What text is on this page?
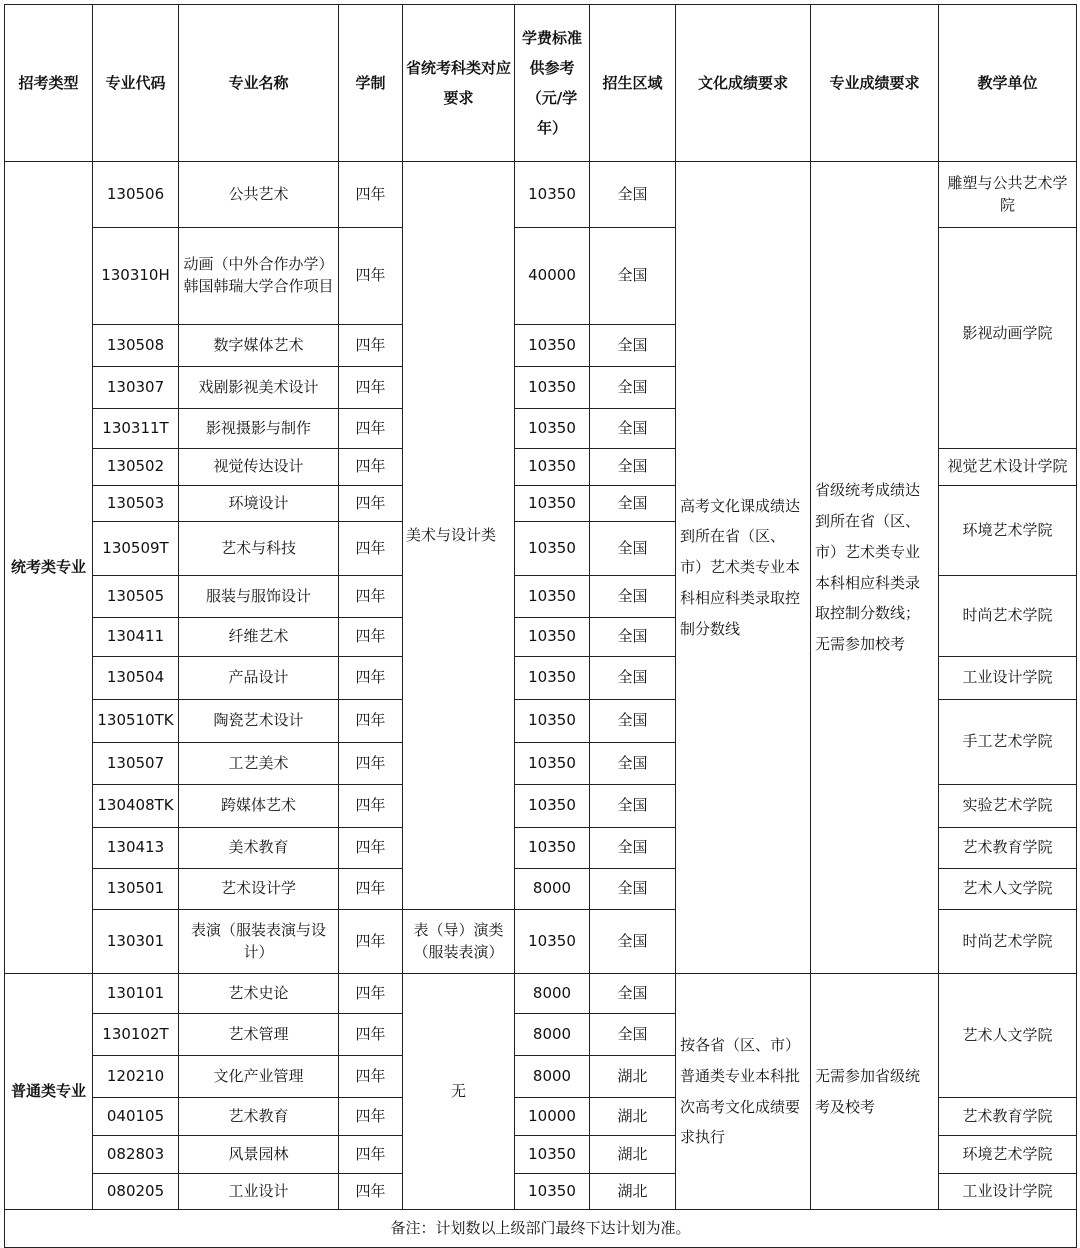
招考类型	专业代码	专业名称	学制	省统考科类对应要求	学费标准供参考（元/学年）	招生区域	文化成绩要求	专业成绩要求	教学单位
统考类专业	130506	公共艺术	四年	美术与设计类	10350	全国	高考文化课成绩达到所在省（区、市）艺术类专业本科相应科类录取控制分数线	省级统考成绩达到所在省（区、市）艺术类专业本科相应科类录取控制分数线；无需参加校考	雕塑与公共艺术学院
	130310H	动画（中外合作办学）韩国韩瑞大学合作项目	四年		40000	全国			影视动画学院
	130508	数字媒体艺术	四年		10350	全国			
	130307	戏剧影视美术设计	四年		10350	全国			
	130311T	影视摄影与制作	四年		10350	全国			
	130502	视觉传达设计	四年		10350	全国			视觉艺术设计学院
	130503	环境设计	四年		10350	全国			环境艺术学院
	130509T	艺术与科技	四年		10350	全国			
	130505	服装与服饰设计	四年		10350	全国			时尚艺术学院
	130411	纤维艺术	四年		10350	全国			
	130504	产品设计	四年		10350	全国			工业设计学院
	130510TK	陶瓷艺术设计	四年		10350	全国			手工艺术学院
	130507	工艺美术	四年		10350	全国			
	130408TK	跨媒体艺术	四年		10350	全国			实验艺术学院
	130413	美术教育	四年		10350	全国			艺术教育学院
	130501	艺术设计学	四年		8000	全国			艺术人文学院
	130301	表演（服装表演与设计）	四年	表（导）演类（服装表演）	10350	全国			时尚艺术学院
普通类专业	130101	艺术史论	四年	无	8000	全国	按各省（区、市）普通类专业本科批次高考文化成绩要求执行	无需参加省级统考及校考	艺术人文学院
	130102T	艺术管理	四年		8000	全国			
	120210	文化产业管理	四年		8000	湖北			
	040105	艺术教育	四年		10000	湖北			艺术教育学院
	082803	风景园林	四年		10350	湖北			环境艺术学院
	080205	工业设计	四年		10350	湖北			工业设计学院
备注：计划数以上级部门最终下达计划为准。									
